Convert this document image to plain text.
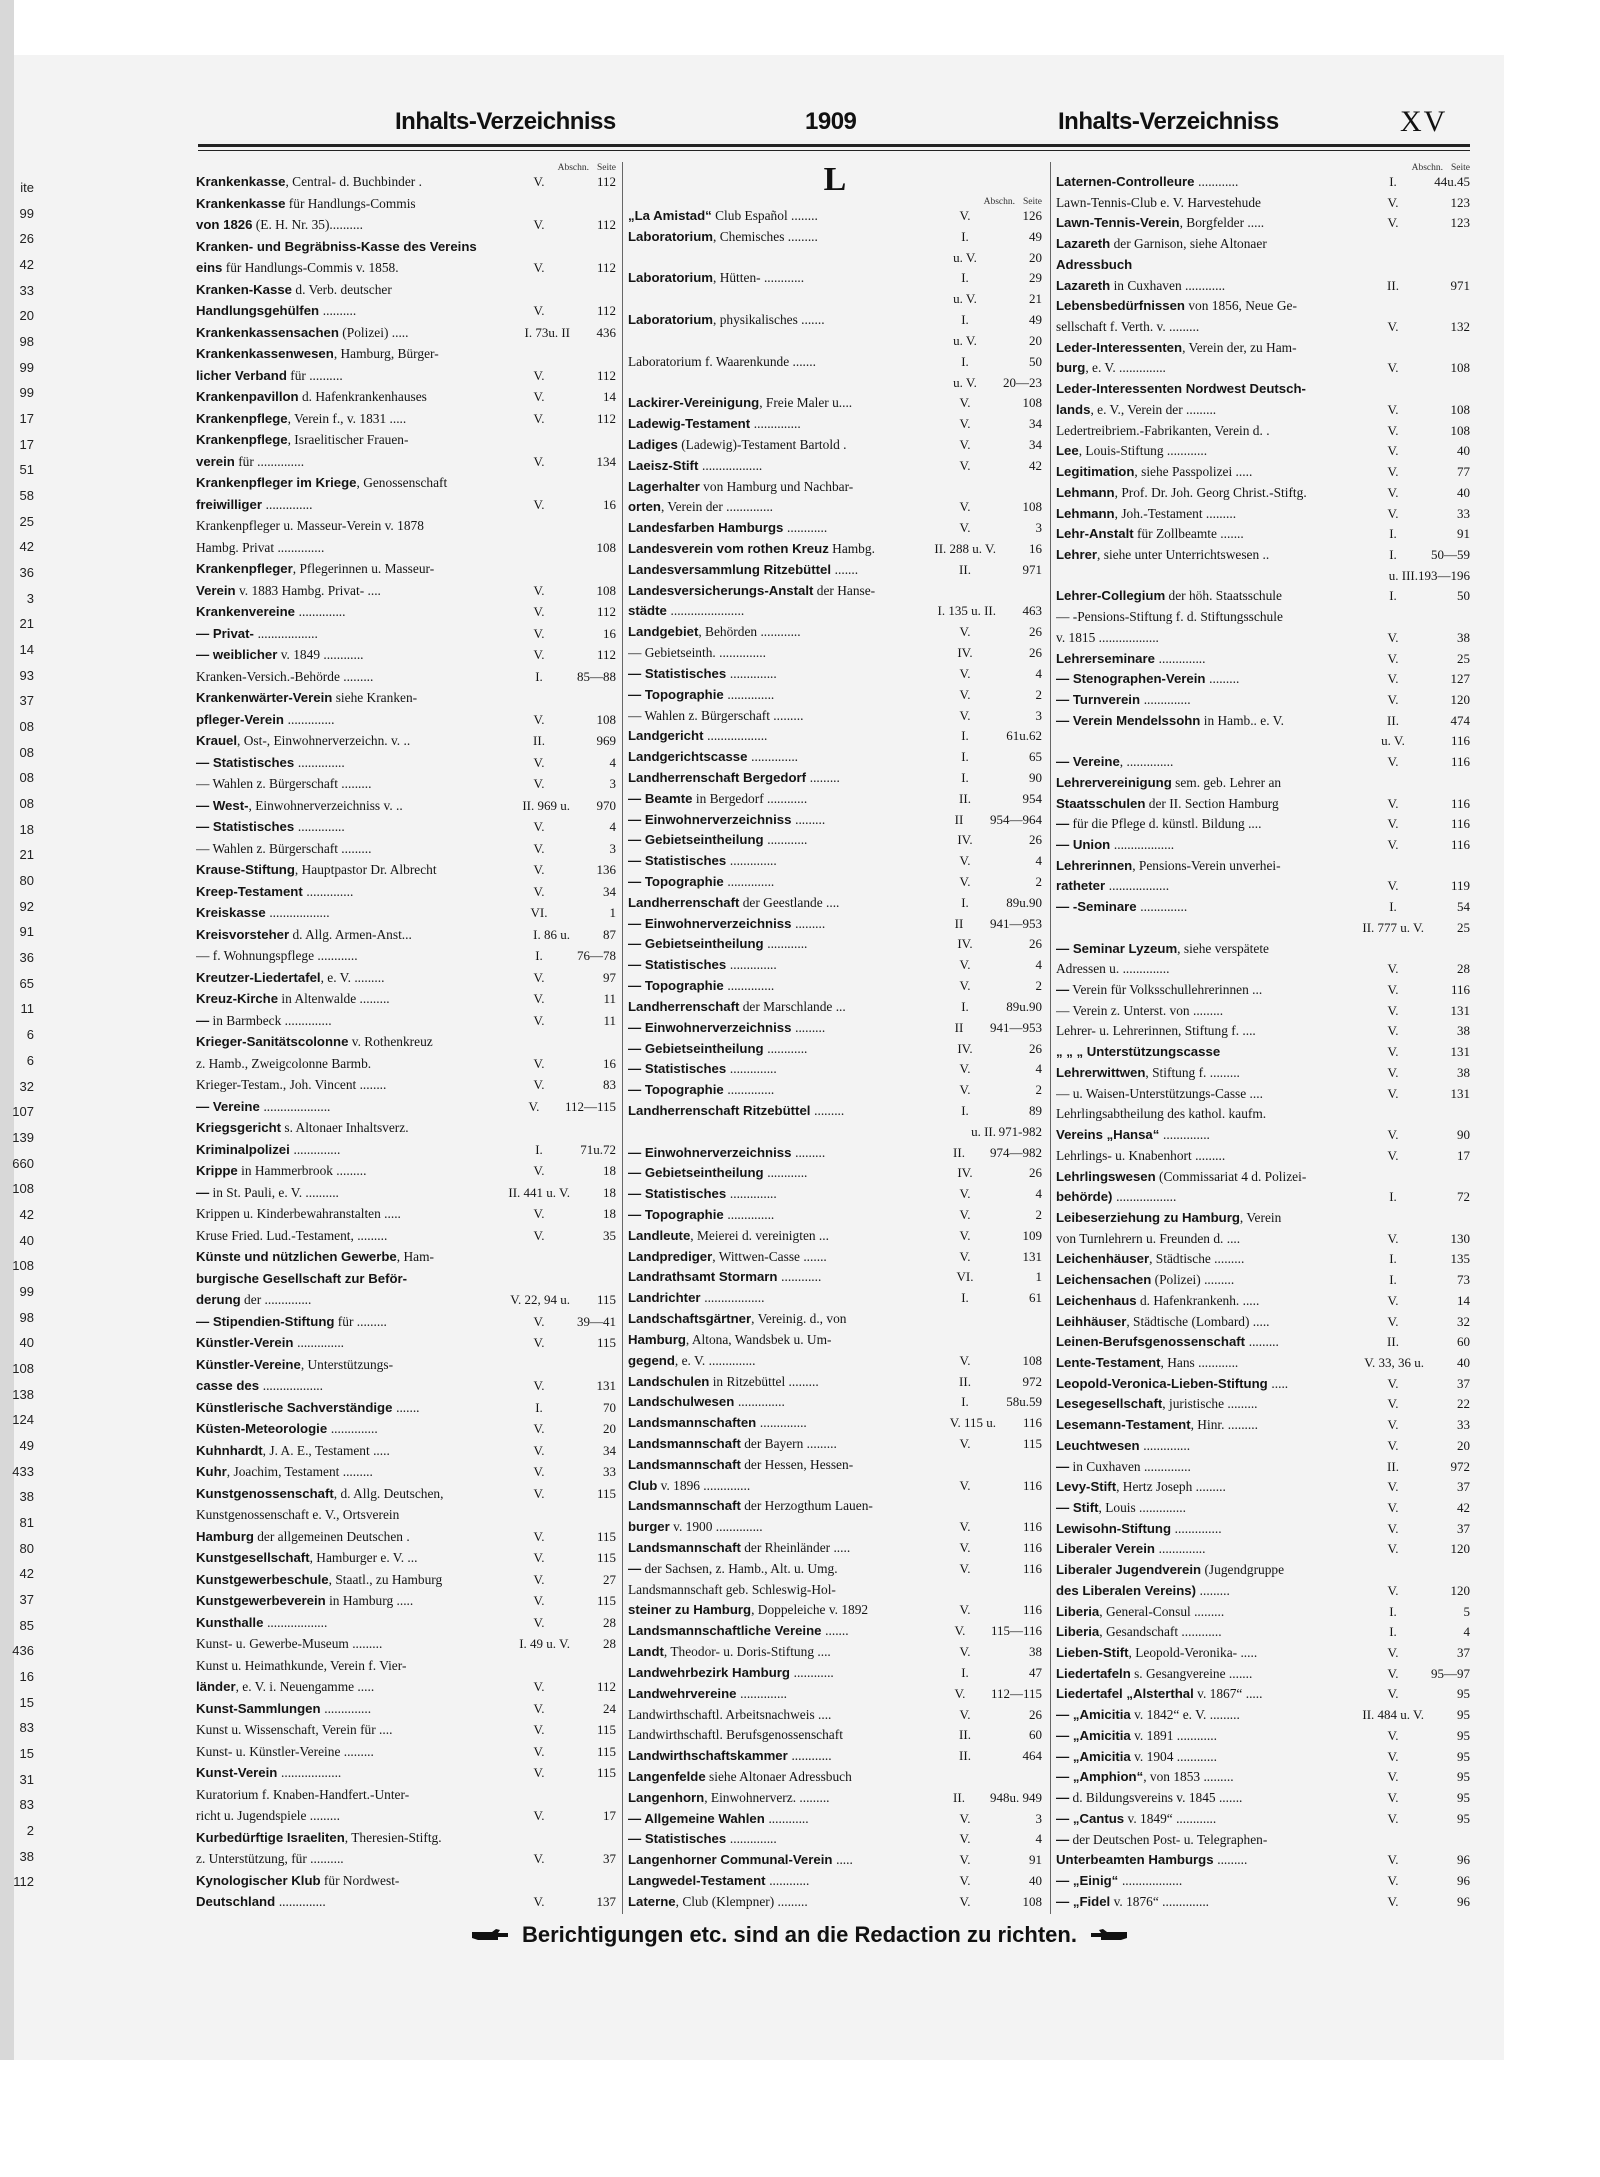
ite
99
26
42
33
20
98
99
99
17
17
51
58
25
42
36
3
21
14
93
37
08
08
08
08
18
21
80
92
91
36
65
11
6
6
32
107
139
660
108
42
40
108
99
98
40
108
138
124
49
433
38
81
80
42
37
85
436
16
15
83
15
31
83
2
38
112
Inhalts-Verzeichniss	1909	Inhalts-Verzeichniss	XV
Abschn. Seite
Krankenkasse, Central- d. Buchbinder .	V.	112
Krankenkasse für Handlungs-Commis
von 1826 (E. H. Nr. 35)..........	V.	112
Kranken- und Begräbniss-Kasse des Vereins
eins für Handlungs-Commis v. 1858.	V.	112
Kranken-Kasse d. Verb. deutscher
Handlungsgehülfen ..........	V.	112
Krankenkassensachen (Polizei) .....	I. 73u. II	436
Krankenkassenwesen, Hamburg, Bürger-
licher Verband für ..........	V.	112
Krankenpavillon d. Hafenkrankenhauses	V.	14
Krankenpflege, Verein f., v. 1831 .....	V.	112
Krankenpflege, Israelitischer Frauen-
verein für ..............	V.	134
Krankenpfleger im Kriege, Genossenschaft
freiwilliger ..............	V.	16
Krankenpfleger u. Masseur-Verein v. 1878
Hambg. Privat ..............	108
Krankenpfleger, Pflegerinnen u. Masseur-
Verein v. 1883 Hambg. Privat- ....	V.	108
Krankenvereine ..............	V.	112
— Privat- ..................	V.	16
— weiblicher v. 1849 ............	V.	112
Kranken-Versich.-Behörde .........	I.	85—88
Krankenwärter-Verein siehe Kranken-
pfleger-Verein ..............	V.	108
Krauel, Ost-, Einwohnerverzeichn. v. ..	II.	969
— Statistisches ..............	V.	4
— Wahlen z. Bürgerschaft .........	V.	3
— West-, Einwohnerverzeichniss v. ..	II. 969 u.	970
— Statistisches ..............	V.	4
— Wahlen z. Bürgerschaft .........	V.	3
Krause-Stiftung, Hauptpastor Dr. Albrecht	V.	136
Kreep-Testament ..............	V.	34
Kreiskasse ..................	VI.	1
Kreisvorsteher d. Allg. Armen-Anst...	I. 86 u.	87
— f. Wohnungspflege ............	I.	76—78
Kreutzer-Liedertafel, e. V. .........	V.	97
Kreuz-Kirche in Altenwalde .........	V.	11
— in Barmbeck ..............	V.	11
Krieger-Sanitätscolonne v. Rothenkreuz
z. Hamb., Zweigcolonne Barmb.	V.	16
Krieger-Testam., Joh. Vincent ........	V.	83
— Vereine ....................	V.	112—115
Kriegsgericht s. Altonaer Inhaltsverz.
Kriminalpolizei ..............	I.	71u.72
Krippe in Hammerbrook .........	V.	18
— in St. Pauli, e. V. ..........	II. 441 u. V.	18
Krippen u. Kinderbewahranstalten .....	V.	18
Kruse Fried. Lud.-Testament, .........	V.	35
Künste und nützlichen Gewerbe, Ham-
burgische Gesellschaft zur Beför-
derung der ..............	V. 22, 94 u.	115
— Stipendien-Stiftung für .........	V.	39—41
Künstler-Verein ..............	V.	115
Künstler-Vereine, Unterstützungs-
casse des ..................	V.	131
Künstlerische Sachverständige .......	I.	70
Küsten-Meteorologie ..............	V.	20
Kuhnhardt, J. A. E., Testament .....	V.	34
Kuhr, Joachim, Testament .........	V.	33
Kunstgenossenschaft, d. Allg. Deutschen,	V.	115
Kunstgenossenschaft e. V., Ortsverein
Hamburg der allgemeinen Deutschen .	V.	115
Kunstgesellschaft, Hamburger e. V. ...	V.	115
Kunstgewerbeschule, Staatl., zu Hamburg	V.	27
Kunstgewerbeverein in Hamburg .....	V.	115
Kunsthalle ..................	V.	28
Kunst- u. Gewerbe-Museum .........	I. 49 u. V.	28
Kunst u. Heimathkunde, Verein f. Vier-
länder, e. V. i. Neuengamme .....	V.	112
Kunst-Sammlungen ..............	V.	24
Kunst u. Wissenschaft, Verein für ....	V.	115
Kunst- u. Künstler-Vereine .........	V.	115
Kunst-Verein ..................	V.	115
Kuratorium f. Knaben-Handfert.-Unter-
richt u. Jugendspiele .........	V.	17
Kurbedürftige Israeliten, Theresien-Stiftg.
z. Unterstützung, für ..........	V.	37
Kynologischer Klub für Nordwest-
Deutschland ..............	V.	137
L
Abschn. Seite
„La Amistad“ Club Español ........	V.	126
Laboratorium, Chemisches .........	I.	49
u. V.	20
Laboratorium, Hütten- ............	I.	29
u. V.	21
Laboratorium, physikalisches .......	I.	49
u. V.	20
Laboratorium f. Waarenkunde .......	I.	50
u. V.	20—23
Lackirer-Vereinigung, Freie Maler u....	V.	108
Ladewig-Testament ..............	V.	34
Ladiges (Ladewig)-Testament Bartold .	V.	34
Laeisz-Stift ..................	V.	42
Lagerhalter von Hamburg und Nachbar-
orten, Verein der ..............	V.	108
Landesfarben Hamburgs ............	V.	3
Landesverein vom rothen Kreuz Hambg.	II. 288 u. V.	16
Landesversammlung Ritzebüttel .......	II.	971
Landesversicherungs-Anstalt der Hanse-
städte ......................	I. 135 u. II.	463
Landgebiet, Behörden ............	V.	26
— Gebietseinth. ..............	IV.	26
— Statistisches ..............	V.	4
— Topographie ..............	V.	2
— Wahlen z. Bürgerschaft .........	V.	3
Landgericht ..................	I.	61u.62
Landgerichtscasse ..............	I.	65
Landherrenschaft Bergedorf .........	I.	90
— Beamte in Bergedorf ............	II.	954
— Einwohnerverzeichniss .........	II	954—964
— Gebietseintheilung ............	IV.	26
— Statistisches ..............	V.	4
— Topographie ..............	V.	2
Landherrenschaft der Geestlande ....	I.	89u.90
— Einwohnerverzeichniss .........	II	941—953
— Gebietseintheilung ............	IV.	26
— Statistisches ..............	V.	4
— Topographie ..............	V.	2
Landherrenschaft der Marschlande ...	I.	89u.90
— Einwohnerverzeichniss .........	II	941—953
— Gebietseintheilung ............	IV.	26
— Statistisches ..............	V.	4
— Topographie ..............	V.	2
Landherrenschaft Ritzebüttel .........	I.	89
u. II. 971-982
— Einwohnerverzeichniss .........	II.	974—982
— Gebietseintheilung ............	IV.	26
— Statistisches ..............	V.	4
— Topographie ..............	V.	2
Landleute, Meierei d. vereinigten ...	V.	109
Landprediger, Wittwen-Casse .......	V.	131
Landrathsamt Stormarn ............	VI.	1
Landrichter ..................	I.	61
Landschaftsgärtner, Vereinig. d., von
Hamburg, Altona, Wandsbek u. Um-
gegend, e. V. ..............	V.	108
Landschulen in Ritzebüttel .........	II.	972
Landschulwesen ..............	I.	58u.59
Landsmannschaften ..............	V. 115 u.	116
Landsmannschaft der Bayern .........	V.	115
Landsmannschaft der Hessen, Hessen-
Club v. 1896 ..............	V.	116
Landsmannschaft der Herzogthum Lauen-
burger v. 1900 ..............	V.	116
Landsmannschaft der Rheinländer .....	V.	116
— der Sachsen, z. Hamb., Alt. u. Umg.	V.	116
Landsmannschaft geb. Schleswig-Hol-
steiner zu Hamburg, Doppeleiche v. 1892	V.	116
Landsmannschaftliche Vereine .......	V.	115—116
Landt, Theodor- u. Doris-Stiftung ....	V.	38
Landwehrbezirk Hamburg ............	I.	47
Landwehrvereine ..............	V.	112—115
Landwirthschaftl. Arbeitsnachweis ....	V.	26
Landwirthschaftl. Berufsgenossenschaft	II.	60
Landwirthschaftskammer ............	II.	464
Langenfelde siehe Altonaer Adressbuch
Langenhorn, Einwohnerverz. .........	II.	948u. 949
— Allgemeine Wahlen ............	V.	3
— Statistisches ..............	V.	4
Langenhorner Communal-Verein .....	V.	91
Langwedel-Testament ............	V.	40
Laterne, Club (Klempner) .........	V.	108
Abschn. Seite
Laternen-Controlleure ............	I.	44u.45
Lawn-Tennis-Club e. V. Harvestehude	V.	123
Lawn-Tennis-Verein, Borgfelder .....	V.	123
Lazareth der Garnison, siehe Altonaer
Adressbuch
Lazareth in Cuxhaven ............	II.	971
Lebensbedürfnissen von 1856, Neue Ge-
sellschaft f. Verth. v. .........	V.	132
Leder-Interessenten, Verein der, zu Ham-
burg, e. V. ..............	V.	108
Leder-Interessenten Nordwest Deutsch-
lands, e. V., Verein der .........	V.	108
Ledertreibriem.-Fabrikanten, Verein d. .	V.	108
Lee, Louis-Stiftung ............	V.	40
Legitimation, siehe Passpolizei .....	V.	77
Lehmann, Prof. Dr. Joh. Georg Christ.-Stiftg.	V.	40
Lehmann, Joh.-Testament .........	V.	33
Lehr-Anstalt für Zollbeamte .......	I.	91
Lehrer, siehe unter Unterrichtswesen ..	I.	50—59
u. III. 193—196
Lehrer-Collegium der höh. Staatsschule	I.	50
— -Pensions-Stiftung f. d. Stiftungsschule
v. 1815 ..................	V.	38
Lehrerseminare ..............	V.	25
— Stenographen-Verein .........	V.	127
— Turnverein ..............	V.	120
— Verein Mendelssohn in Hamb.. e. V.	II.	474
u. V.	116
— Vereine, ..............	V.	116
Lehrervereinigung sem. geb. Lehrer an
Staatsschulen der II. Section Hamburg	V.	116
— für die Pflege d. künstl. Bildung ....	V.	116
— Union ..................	V.	116
Lehrerinnen, Pensions-Verein unverhei-
ratheter ..................	V.	119
— -Seminare ..............	I.	54
II. 777 u. V.	25
— Seminar Lyzeum, siehe verspätete
Adressen u. ..............	V.	28
— Verein für Volksschullehrerinnen ...	V.	116
— Verein z. Unterst. von .........	V.	131
Lehrer- u. Lehrerinnen, Stiftung f. ....	V.	38
„ „ „ Unterstützungscasse	V.	131
Lehrerwittwen, Stiftung f. .........	V.	38
— u. Waisen-Unterstützungs-Casse ....	V.	131
Lehrlingsabtheilung des kathol. kaufm.
Vereins „Hansa“ ..............	V.	90
Lehrlings- u. Knabenhort .........	V.	17
Lehrlingswesen (Commissariat 4 d. Polizei-
behörde) ..................	I.	72
Leibeserziehung zu Hamburg, Verein
von Turnlehrern u. Freunden d. ....	V.	130
Leichenhäuser, Städtische .........	I.	135
Leichensachen (Polizei) .........	I.	73
Leichenhaus d. Hafenkrankenh. .....	V.	14
Leihhäuser, Städtische (Lombard) .....	V.	32
Leinen-Berufsgenossenschaft .........	II.	60
Lente-Testament, Hans ............	V. 33, 36 u.	40
Leopold-Veronica-Lieben-Stiftung .....	V.	37
Lesegesellschaft, juristische .........	V.	22
Lesemann-Testament, Hinr. .........	V.	33
Leuchtwesen ..............	V.	20
— in Cuxhaven ..............	II.	972
Levy-Stift, Hertz Joseph .........	V.	37
— Stift, Louis ..............	V.	42
Lewisohn-Stiftung ..............	V.	37
Liberaler Verein ..............	V.	120
Liberaler Jugendverein (Jugendgruppe
des Liberalen Vereins) .........	V.	120
Liberia, General-Consul .........	I.	5
Liberia, Gesandschaft ............	I.	4
Lieben-Stift, Leopold-Veronika- .....	V.	37
Liedertafeln s. Gesangvereine .......	V.	95—97
Liedertafel „Alsterthal v. 1867“ .....	V.	95
— „Amicitia v. 1842“ e. V. .........	II. 484 u. V.	95
— „Amicitia v. 1891 ............	V.	95
— „Amicitia v. 1904 ............	V.	95
— „Amphion“, von 1853 .........	V.	95
— d. Bildungsvereins v. 1845 .......	V.	95
— „Cantus v. 1849“ ............	V.	95
— der Deutschen Post- u. Telegraphen-
Unterbeamten Hamburgs .........	V.	96
— „Einig“ ..................	V.	96
— „Fidel v. 1876“ ..............	V.	96
Berichtigungen etc. sind an die Redaction zu richten.
